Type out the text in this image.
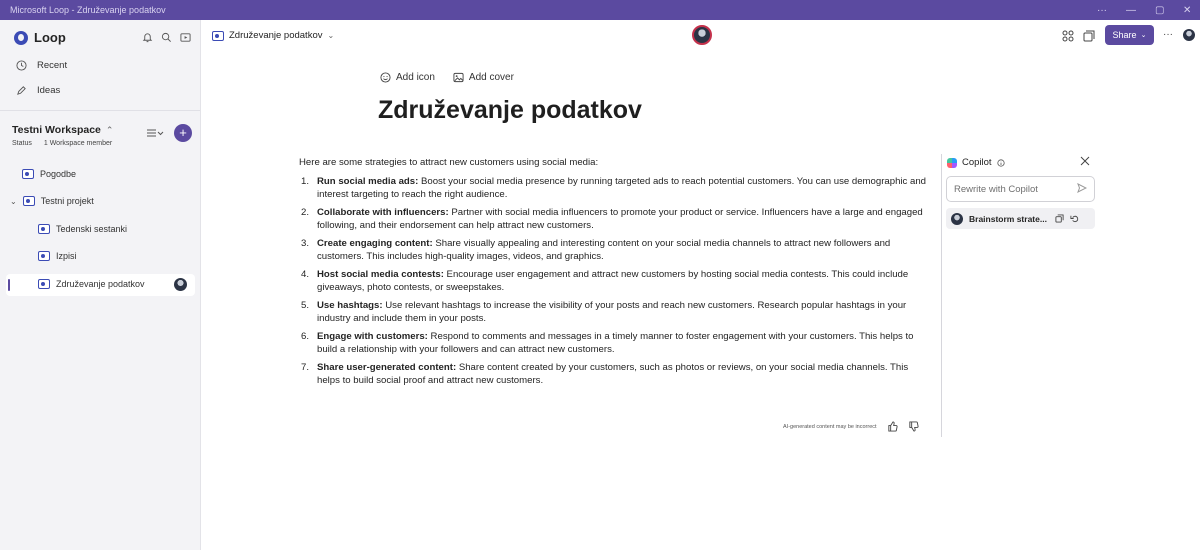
Microsoft Loop - Združevanje podatkov	··· — ▢ ✕
Loop
Recent
Ideas
Testni Workspace ⌃
Status 1 Workspace member
+
Pogodbe
⌄	Testni projekt
Tedenski sestanki
Izpisi
Združevanje podatkov
Združevanje podatkov ⌄	Share ⌄ ···
Add icon	Add cover
Združevanje podatkov

Here are some strategies to attract new customers using social media:

1. Run social media ads: Boost your social media presence by running targeted ads to reach potential customers. You can use demographic and interest targeting to reach the right audience.
2. Collaborate with influencers: Partner with social media influencers to promote your product or service. Influencers have a large and engaged following, and their endorsement can help attract new customers.
3. Create engaging content: Share visually appealing and interesting content on your social media channels to attract new followers and customers. This includes high-quality images, videos, and graphics.
4. Host social media contests: Encourage user engagement and attract new customers by hosting social media contests. This could include giveaways, photo contests, or sweepstakes.
5. Use hashtags: Use relevant hashtags to increase the visibility of your posts and reach new customers. Research popular hashtags in your industry and include them in your posts.
6. Engage with customers: Respond to comments and messages in a timely manner to foster engagement with your customers. This helps to build a relationship with your followers and can attract new customers.
7. Share user-generated content: Share content created by your customers, such as photos or reviews, on your social media channels. This helps to build social proof and attract new customers.
AI-generated content may be incorrect
Copilot
Rewrite with Copilot
Brainstorm strate...
